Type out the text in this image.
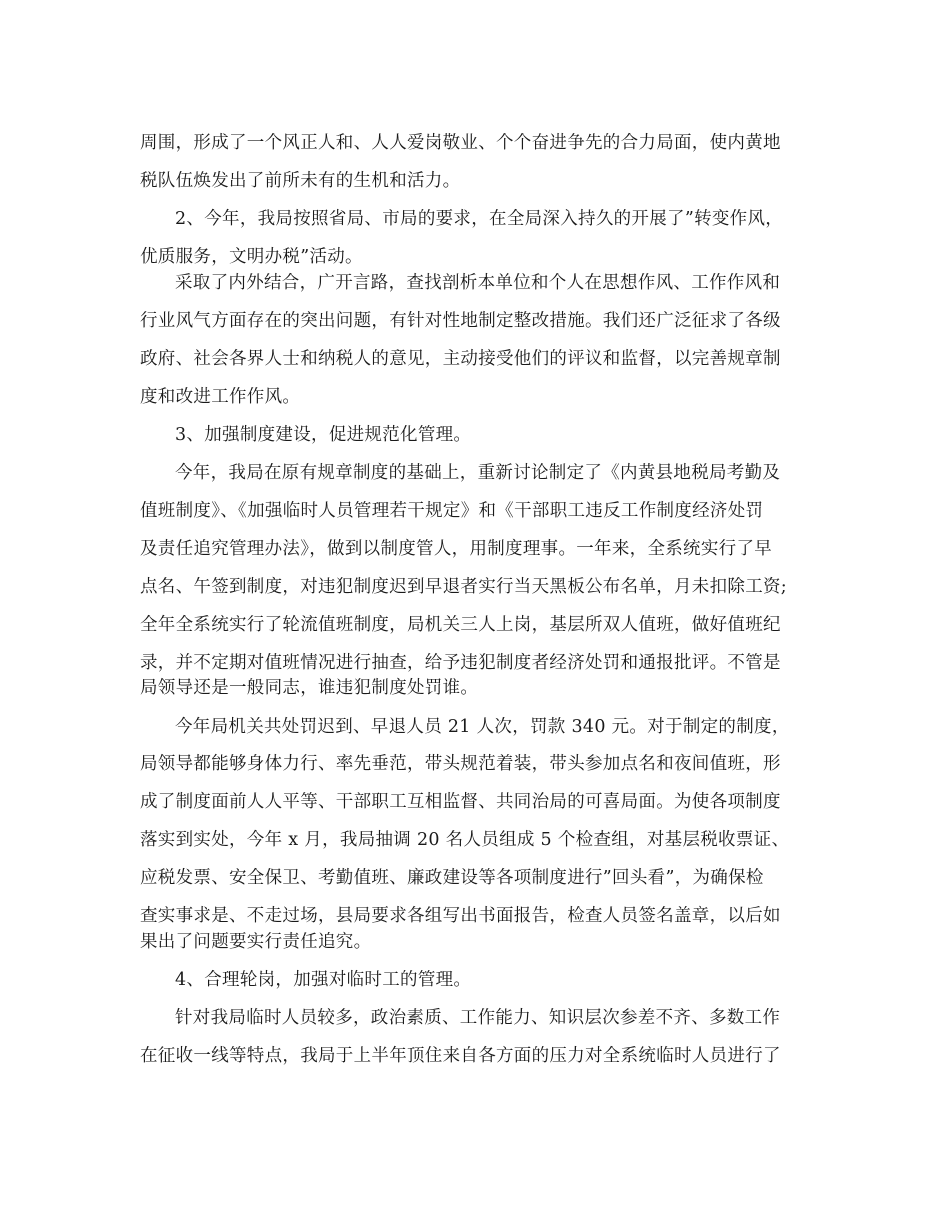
周围，形成了一个风正人和、人人爱岗敬业、个个奋进争先的合力局面，使内黄地
税队伍焕发出了前所未有的生机和活力。
2、今年，我局按照省局、市局的要求，在全局深入持久的开展了”转变作风，
优质服务，文明办税”活动。
采取了内外结合，广开言路，查找剖析本单位和个人在思想作风、工作作风和
行业风气方面存在的突出问题，有针对性地制定整改措施。我们还广泛征求了各级
政府、社会各界人士和纳税人的意见，主动接受他们的评议和监督，以完善规章制
度和改进工作作风。
3、加强制度建设，促进规范化管理。
今年，我局在原有规章制度的基础上，重新讨论制定了《内黄县地税局考勤及
值班制度》、《加强临时人员管理若干规定》和《干部职工违反工作制度经济处罚
及责任追究管理办法》，做到以制度管人，用制度理事。一年来，全系统实行了早
点名、午签到制度，对违犯制度迟到早退者实行当天黑板公布名单，月未扣除工资;
全年全系统实行了轮流值班制度，局机关三人上岗，基层所双人值班，做好值班纪
录，并不定期对值班情况进行抽查，给予违犯制度者经济处罚和通报批评。不管是
局领导还是一般同志，谁违犯制度处罚谁。
今年局机关共处罚迟到、早退人员 21 人次，罚款 340 元。对于制定的制度，
局领导都能够身体力行、率先垂范，带头规范着装，带头参加点名和夜间值班，形
成了制度面前人人平等、干部职工互相监督、共同治局的可喜局面。为使各项制度
落实到实处，今年 x 月，我局抽调 20 名人员组成 5 个检查组，对基层税收票证、
应税发票、安全保卫、考勤值班、廉政建设等各项制度进行”回头看”，为确保检
查实事求是、不走过场，县局要求各组写出书面报告，检查人员签名盖章，以后如
果出了问题要实行责任追究。
4、合理轮岗，加强对临时工的管理。
针对我局临时人员较多，政治素质、工作能力、知识层次参差不齐、多数工作
在征收一线等特点，我局于上半年顶住来自各方面的压力对全系统临时人员进行了
